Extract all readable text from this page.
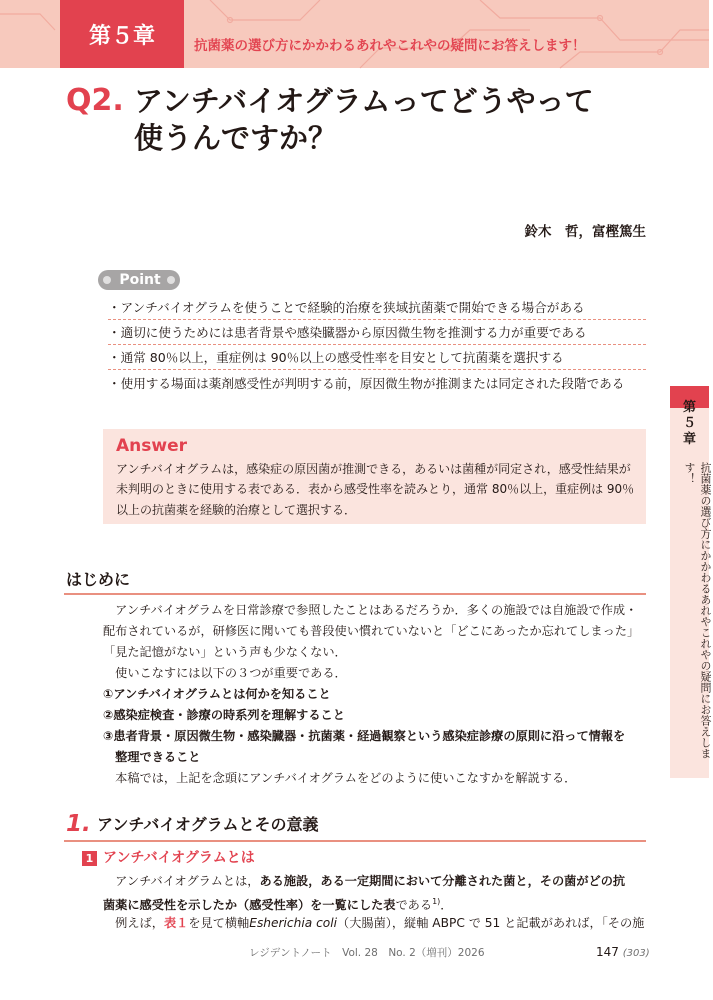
第５章	抗菌薬の選び方にかかわるあれやこれやの疑問にお答えします！
Q2. アンチバイオグラムってどうやって
使うんですか？
鈴木　哲，富樫篤生
Point
・アンチバイオグラムを使うことで経験的治療を狭域抗菌薬で開始できる場合がある
・適切に使うためには患者背景や感染臓器から原因微生物を推測する力が重要である
・通常 80％以上，重症例は 90％以上の感受性率を目安として抗菌薬を選択する
・使用する場面は薬剤感受性が判明する前，原因微生物が推測または同定された段階である
Answer
アンチバイオグラムは，感染症の原因菌が推測できる，あるいは菌種が同定され，感受性結果が
未判明のときに使用する表である．表から感受性率を読みとり，通常 80％以上，重症例は 90％
以上の抗菌薬を経験的治療として選択する．
第
５
章
抗菌薬の選び方にかかわるあれやこれやの疑問にお答えします！
はじめに
　アンチバイオグラムを日常診療で参照したことはあるだろうか．多くの施設では自施設で作成・
配布されているが，研修医に聞いても普段使い慣れていないと「どこにあったか忘れてしまった」
「見た記憶がない」という声も少なくない．
　使いこなすには以下の３つが重要である．
①アンチバイオグラムとは何かを知ること
②感染症検査・診療の時系列を理解すること
③患者背景・原因微生物・感染臓器・抗菌薬・経過観察という感染症診療の原則に沿って情報を
　整理できること
　本稿では，上記を念頭にアンチバイオグラムをどのように使いこなすかを解説する．
1. アンチバイオグラムとその意義
1 アンチバイオグラムとは
　アンチバイオグラムとは，ある施設，ある一定期間において分離された菌と，その菌がどの抗
菌薬に感受性を示したか（感受性率）を一覧にした表である$^{1)}$．
　例えば，表１を見て横軸Esherichia coli（大腸菌），縦軸 ABPC で 51 と記載があれば，「その施
レジデントノート　Vol. 28　No. 2（増刊）2026	147 (303)
